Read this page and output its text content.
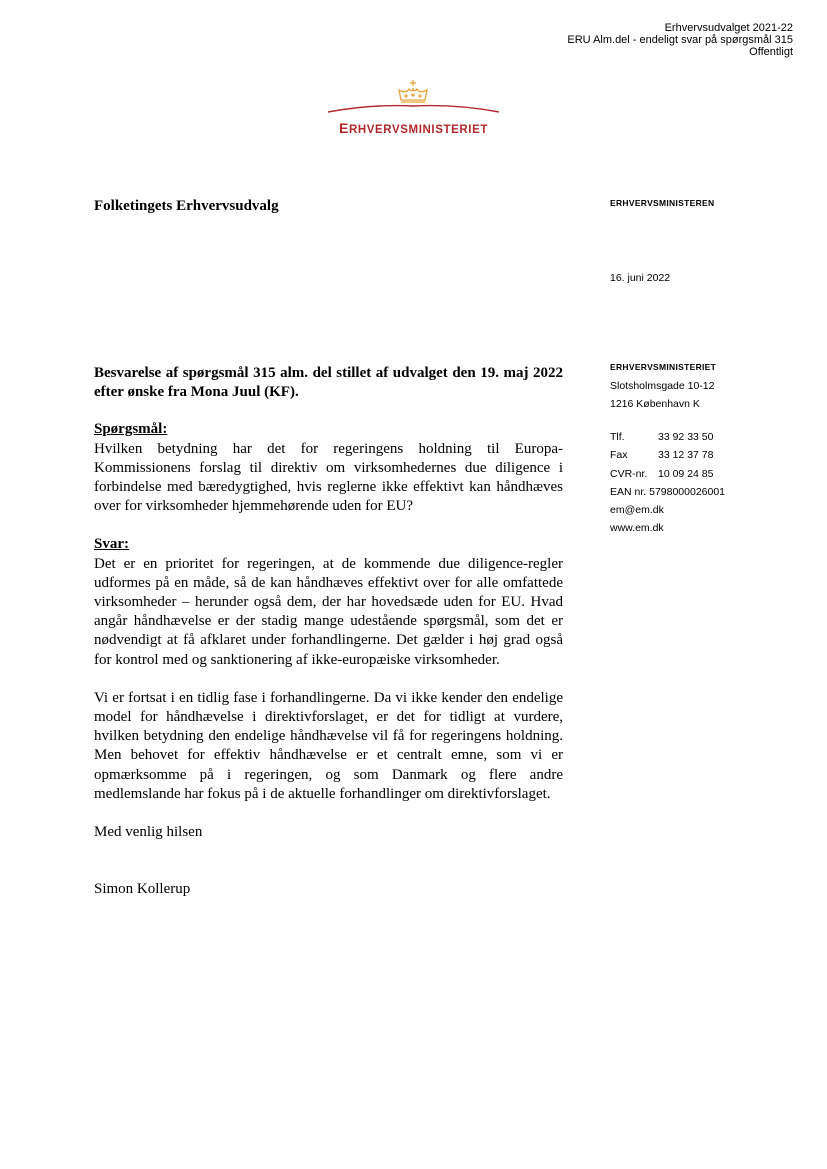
Erhvervsudvalget 2021-22
ERU Alm.del - endeligt svar på spørgsmål 315
Offentligt
ERHVERVSMINISTERIET
Folketingets Erhvervsudvalg	ERHVERVSMINISTEREN
16. juni 2022
ERHVERVSMINISTERIET
Slotsholmsgade 10-12
1216 København K
Tlf.	33 92 33 50
Fax	33 12 37 78
CVR-nr.	10 09 24 85
EAN nr. 5798000026001
em@em.dk
www.em.dk

Besvarelse af spørgsmål 315 alm. del stillet af udvalget den 19. maj 2022 efter ønske fra Mona Juul (KF).

Spørgsmål:

Hvilken betydning har det for regeringens holdning til Europa-Kommissionens forslag til direktiv om virksomhedernes due diligence i forbindelse med bæredygtighed, hvis reglerne ikke effektivt kan håndhæves over for virksomheder hjemmehørende uden for EU?

Svar:

Det er en prioritet for regeringen, at de kommende due diligence-regler udformes på en måde, så de kan håndhæves effektivt over for alle omfattede virksomheder – herunder også dem, der har hovedsæde uden for EU. Hvad angår håndhævelse er der stadig mange udestående spørgsmål, som det er nødvendigt at få afklaret under forhandlingerne. Det gælder i høj grad også for kontrol med og sanktionering af ikke-europæiske virksomheder.

Vi er fortsat i en tidlig fase i forhandlingerne. Da vi ikke kender den endelige model for håndhævelse i direktivforslaget, er det for tidligt at vurdere, hvilken betydning den endelige håndhævelse vil få for regeringens holdning. Men behovet for effektiv håndhævelse er et centralt emne, som vi er opmærksomme på i regeringen, og som Danmark og flere andre medlemslande har fokus på i de aktuelle forhandlinger om direktivforslaget.

Med venlig hilsen

Simon Kollerup
